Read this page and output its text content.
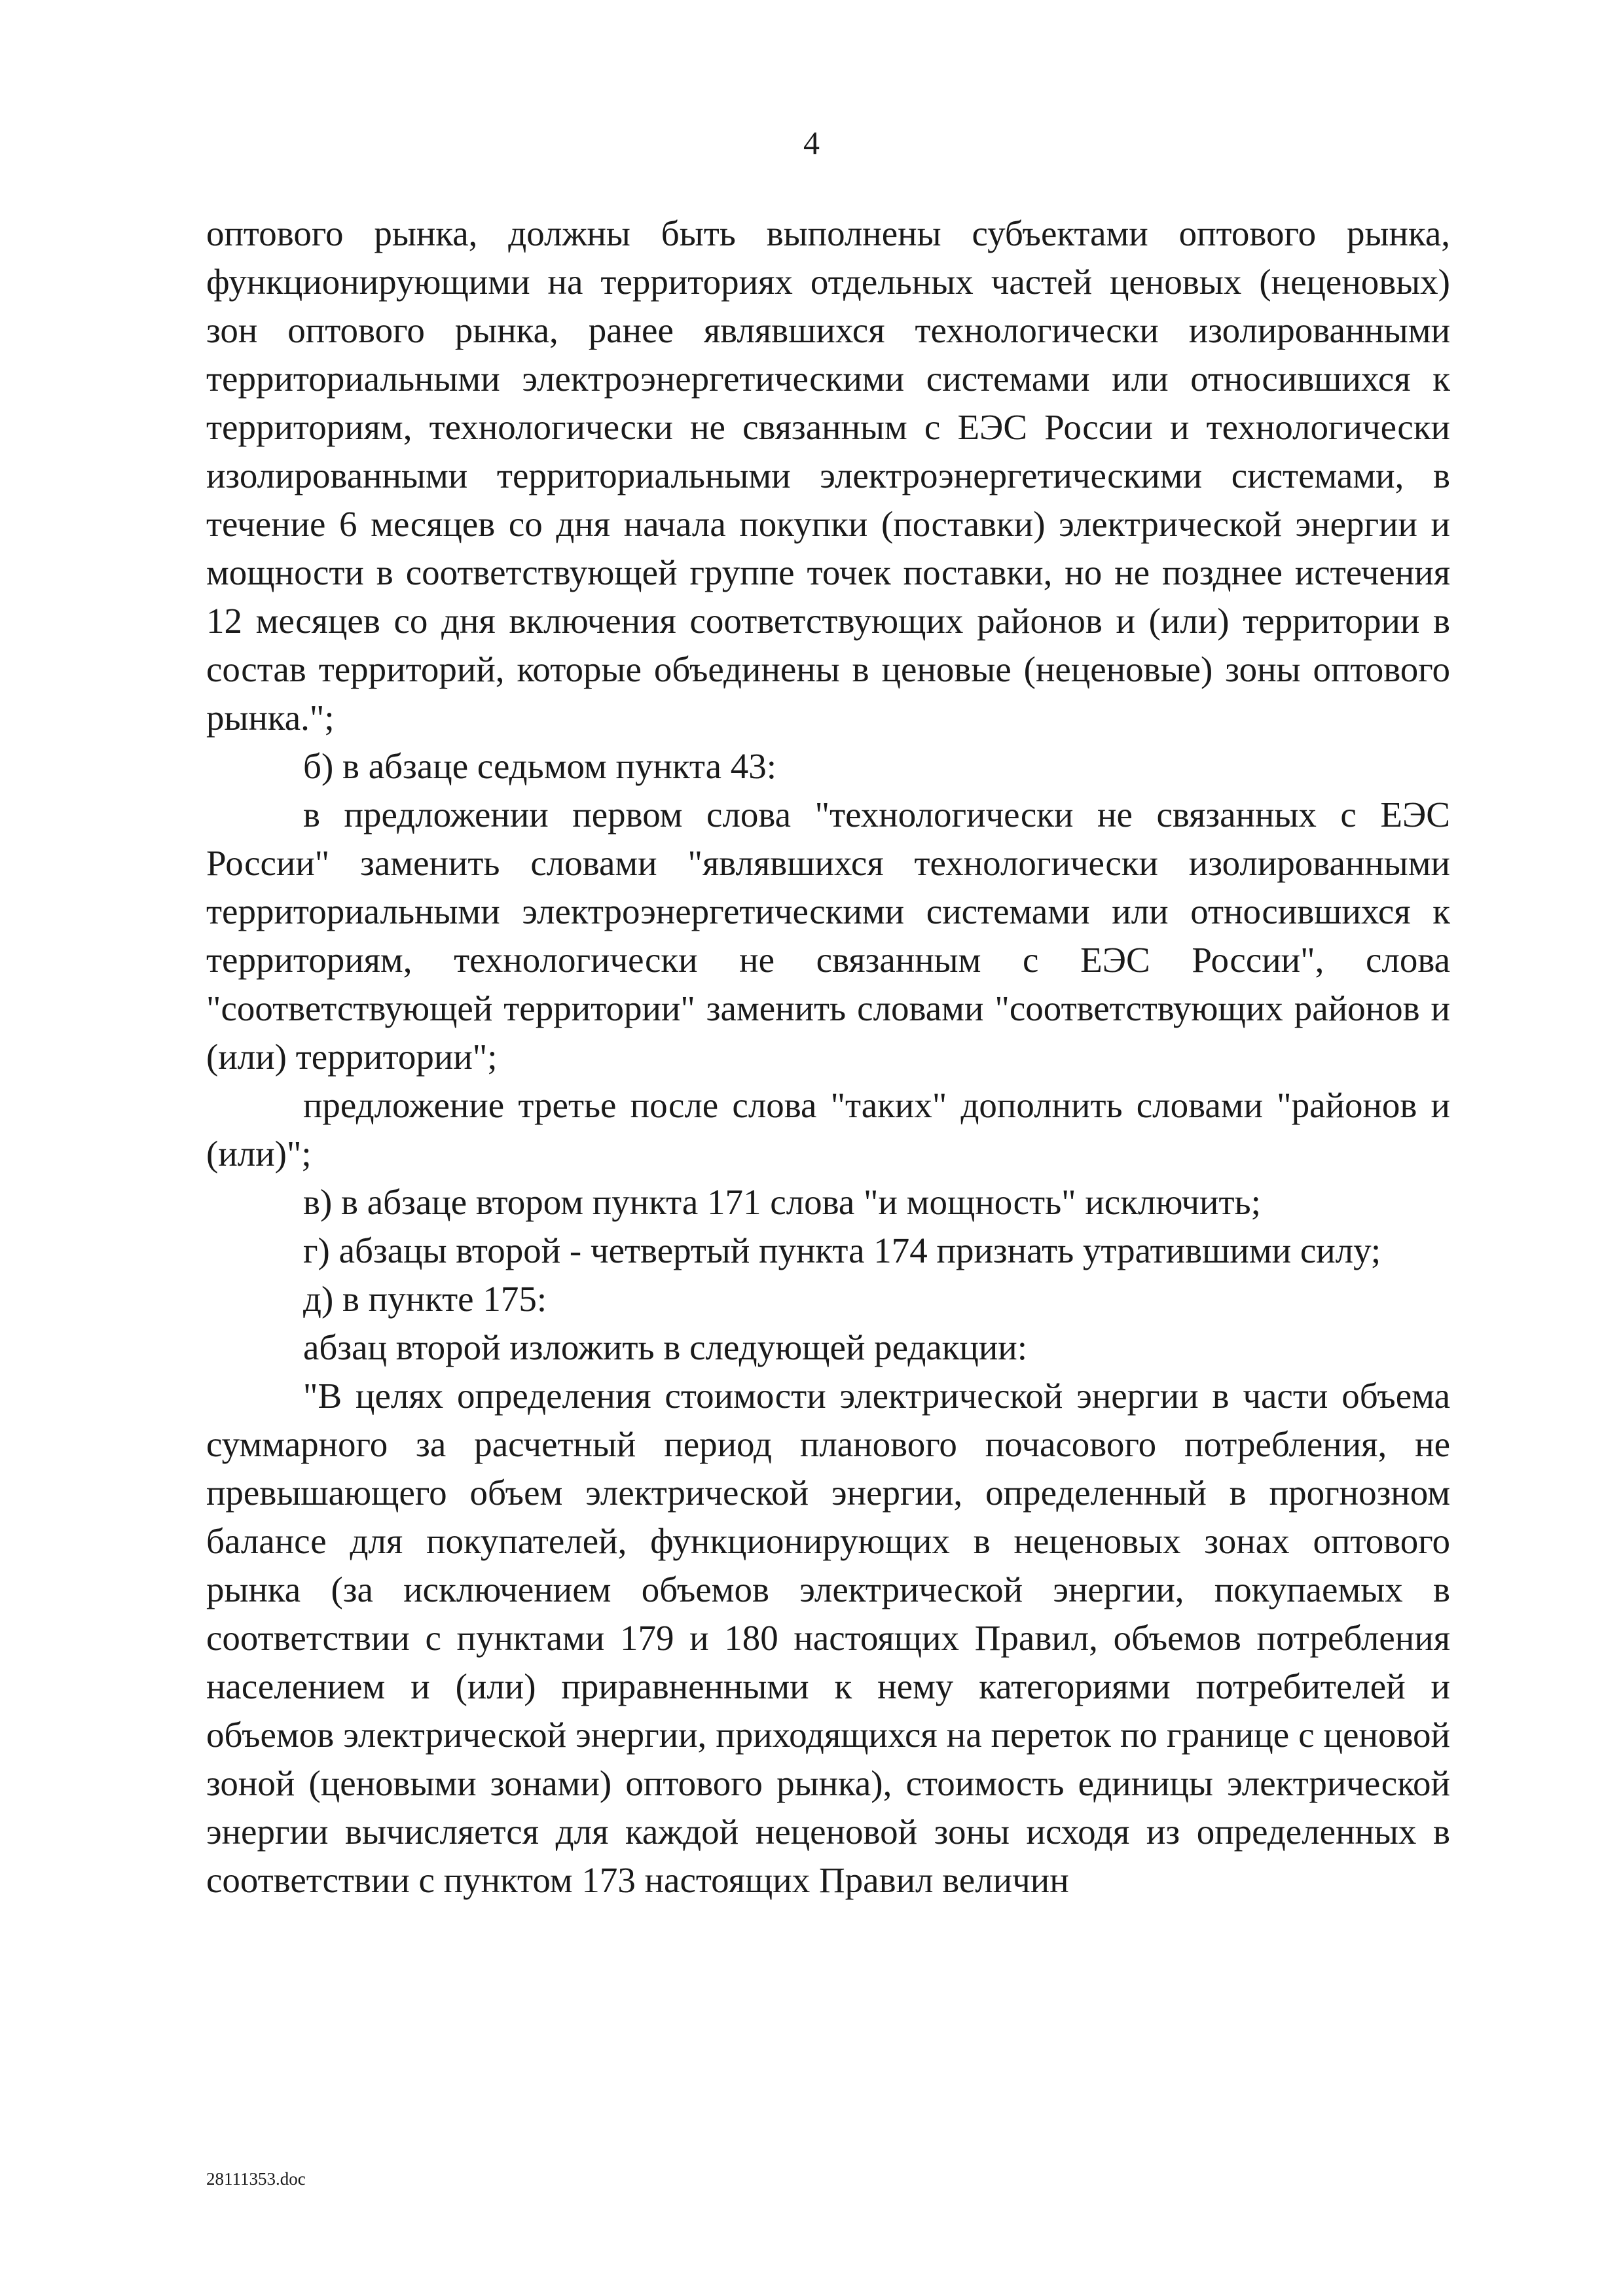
4

оптового рынка, должны быть выполнены субъектами оптового рынка, функционирующими на территориях отдельных частей ценовых (неценовых) зон оптового рынка, ранее являвшихся технологически изолированными территориальными электроэнергетическими системами или относившихся к территориям, технологически не связанным с ЕЭС России и технологически изолированными территориальными электроэнергетическими системами, в течение 6 месяцев со дня начала покупки (поставки) электрической энергии и мощности в соответствующей группе точек поставки, но не позднее истечения 12 месяцев со дня включения соответствующих районов и (или) территории в состав территорий, которые объединены в ценовые (неценовые) зоны оптового рынка.";

б) в абзаце седьмом пункта 43:

в предложении первом слова "технологически не связанных с ЕЭС России" заменить словами "являвшихся технологически изолированными территориальными электроэнергетическими системами или относившихся к территориям, технологически не связанным с ЕЭС России", слова "соответствующей территории" заменить словами "соответствующих районов и (или) территории";

предложение третье после слова "таких" дополнить словами "районов и (или)";

в) в абзаце втором пункта 171 слова "и мощность" исключить;

г) абзацы второй - четвертый пункта 174 признать утратившими силу;

д) в пункте 175:

абзац второй изложить в следующей редакции:

"В целях определения стоимости электрической энергии в части объема суммарного за расчетный период планового почасового потребления, не превышающего объем электрической энергии, определенный в прогнозном балансе для покупателей, функционирующих в неценовых зонах оптового рынка (за исключением объемов электрической энергии, покупаемых в соответствии с пунктами 179 и 180 настоящих Правил, объемов потребления населением и (или) приравненными к нему категориями потребителей и объемов электрической энергии, приходящихся на переток по границе с ценовой зоной (ценовыми зонами) оптового рынка), стоимость единицы электрической энергии вычисляется для каждой неценовой зоны исходя из определенных в соответствии с пунктом 173 настоящих Правил величин

28111353.doc
